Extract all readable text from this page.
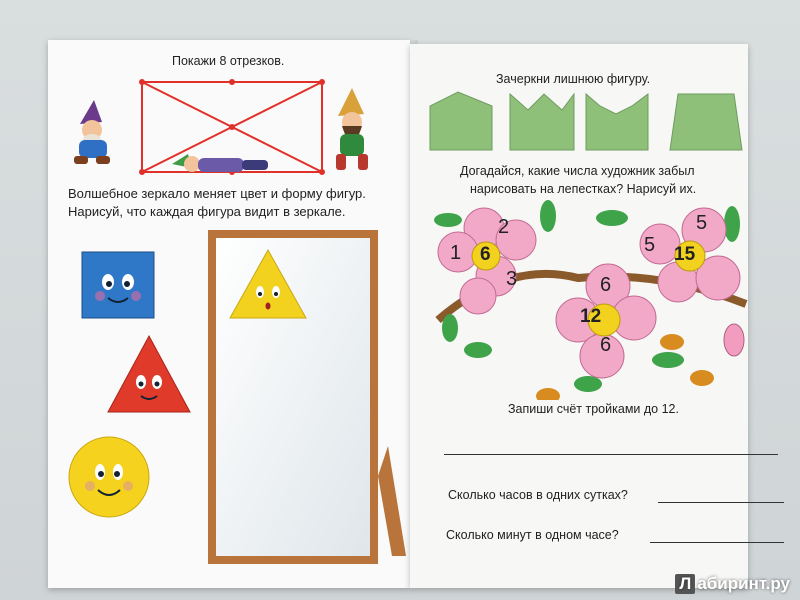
Покажи 8 отрезков.
Волшебное зеркало меняет цвет и форму фигур.
Нарисуй, что каждая фигура видит в зеркале.
Зачеркни лишнюю фигуру.
Догадайся, какие числа художник забыл
нарисовать на лепестках? Нарисуй их.
1
2
3
6
6
6
12
5
5
15
Запиши счёт тройками до 12.
Сколько часов в одних сутках?
Сколько минут в одном часе?
Л абиринт.ру
